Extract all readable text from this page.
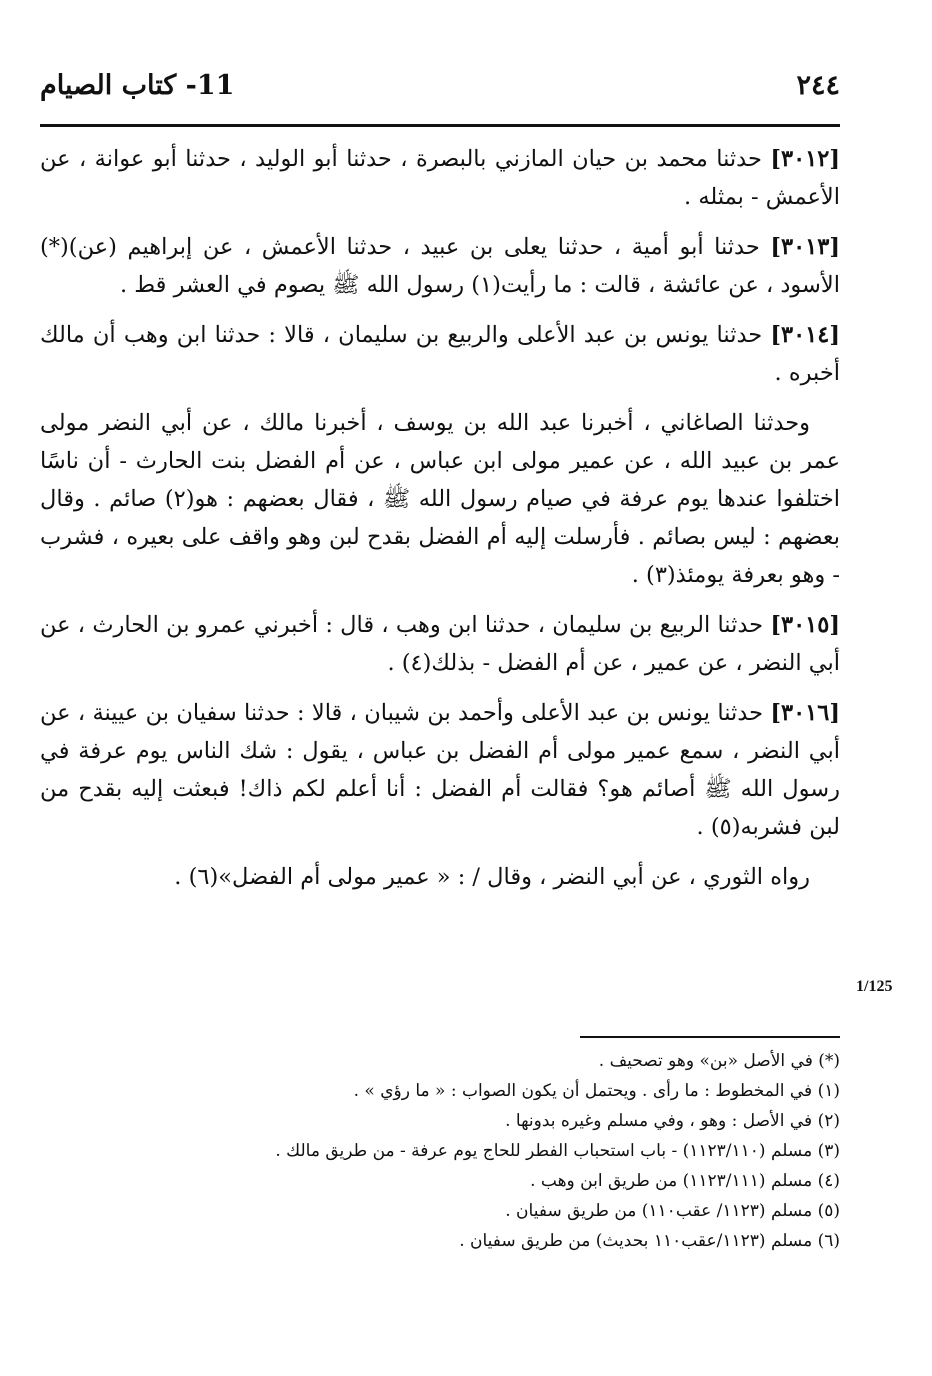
٢٤٤
11- كتاب الصيام

[٣٠١٢] حدثنا محمد بن حيان المازني بالبصرة ، حدثنا أبو الوليد ، حدثنا أبو عوانة ، عن الأعمش - بمثله .

[٣٠١٣] حدثنا أبو أمية ، حدثنا يعلى بن عبيد ، حدثنا الأعمش ، عن إبراهيم (عن)(*) الأسود ، عن عائشة ، قالت : ما رأيت(١) رسول الله ﷺ يصوم في العشر قط .

[٣٠١٤] حدثنا يونس بن عبد الأعلى والربيع بن سليمان ، قالا : حدثنا ابن وهب أن مالك أخبره .

وحدثنا الصاغاني ، أخبرنا عبد الله بن يوسف ، أخبرنا مالك ، عن أبي النضر مولى عمر بن عبيد الله ، عن عمير مولى ابن عباس ، عن أم الفضل بنت الحارث - أن ناسًا اختلفوا عندها يوم عرفة في صيام رسول الله ﷺ ، فقال بعضهم : هو(٢) صائم . وقال بعضهم : ليس بصائم . فأرسلت إليه أم الفضل بقدح لبن وهو واقف على بعيره ، فشرب - وهو بعرفة يومئذ(٣) .

[٣٠١٥] حدثنا الربيع بن سليمان ، حدثنا ابن وهب ، قال : أخبرني عمرو بن الحارث ، عن أبي النضر ، عن عمير ، عن أم الفضل - بذلك(٤) .

[٣٠١٦] حدثنا يونس بن عبد الأعلى وأحمد بن شيبان ، قالا : حدثنا سفيان بن عيينة ، عن أبي النضر ، سمع عمير مولى أم الفضل بن عباس ، يقول : شك الناس يوم عرفة في رسول الله ﷺ أصائم هو؟ فقالت أم الفضل : أنا أعلم لكم ذاك! فبعثت إليه بقدح من لبن فشربه(٥) .

رواه الثوري ، عن أبي النضر ، وقال / : « عمير مولى أم الفضل»(٦) .

1/125

(*) في الأصل «بن» وهو تصحيف .

(١) في المخطوط : ما رأى . ويحتمل أن يكون الصواب : « ما رؤي » .

(٢) في الأصل : وهو ، وفي مسلم وغيره بدونها .

(٣) مسلم (١١٢٣/١١٠) - باب استحباب الفطر للحاج يوم عرفة - من طريق مالك .

(٤) مسلم (١١٢٣/١١١) من طريق ابن وهب .

(٥) مسلم (١١٢٣/ عقب١١٠) من طريق سفيان .

(٦) مسلم (١١٢٣/عقب١١٠ بحديث) من طريق سفيان .
